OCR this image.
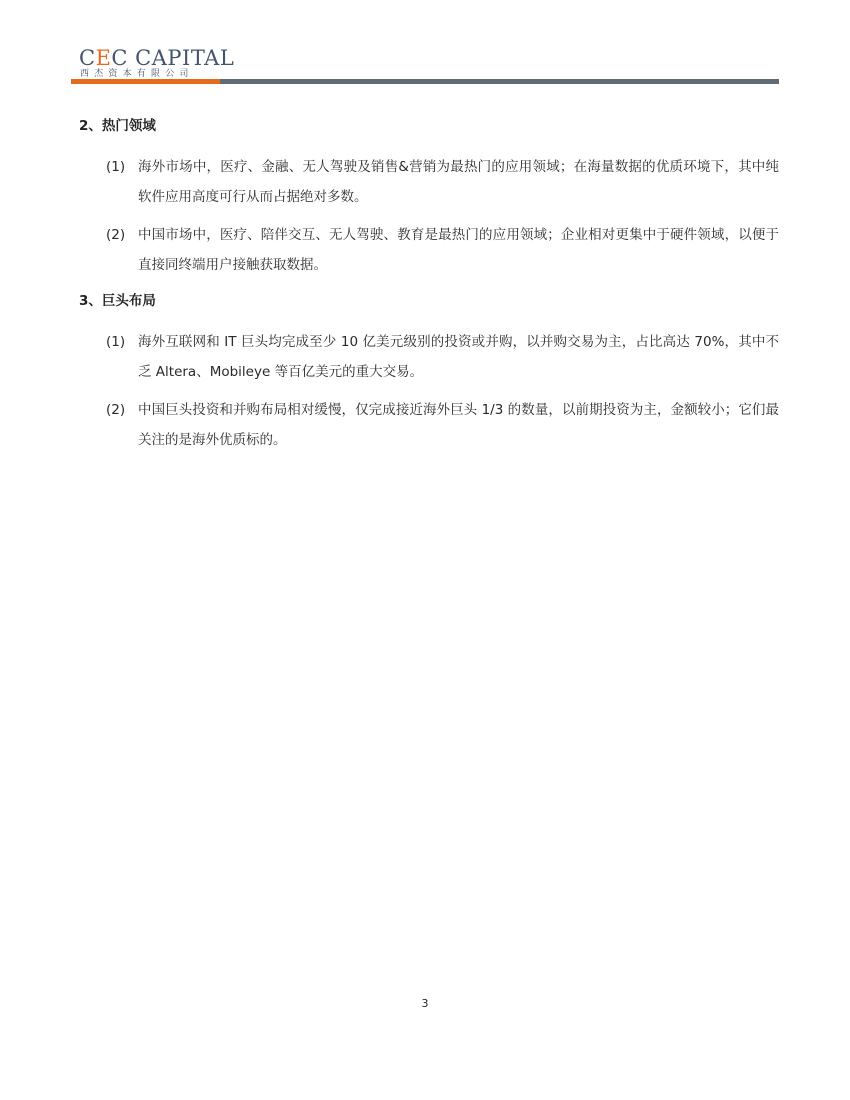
CEC CAPITAL
西杰资本有限公司
2、热门领域
(1) 海外市场中，医疗、金融、无人驾驶及销售&营销为最热门的应用领域；在海量数据的优质环境下，其中纯软件应用高度可行从而占据绝对多数。
(2) 中国市场中，医疗、陪伴交互、无人驾驶、教育是最热门的应用领域；企业相对更集中于硬件领域，以便于直接同终端用户接触获取数据。
3、巨头布局
(1) 海外互联网和 IT 巨头均完成至少 10 亿美元级别的投资或并购，以并购交易为主，占比高达 70%，其中不乏 Altera、Mobileye 等百亿美元的重大交易。
(2) 中国巨头投资和并购布局相对缓慢，仅完成接近海外巨头 1/3 的数量，以前期投资为主，金额较小；它们最关注的是海外优质标的。
3
